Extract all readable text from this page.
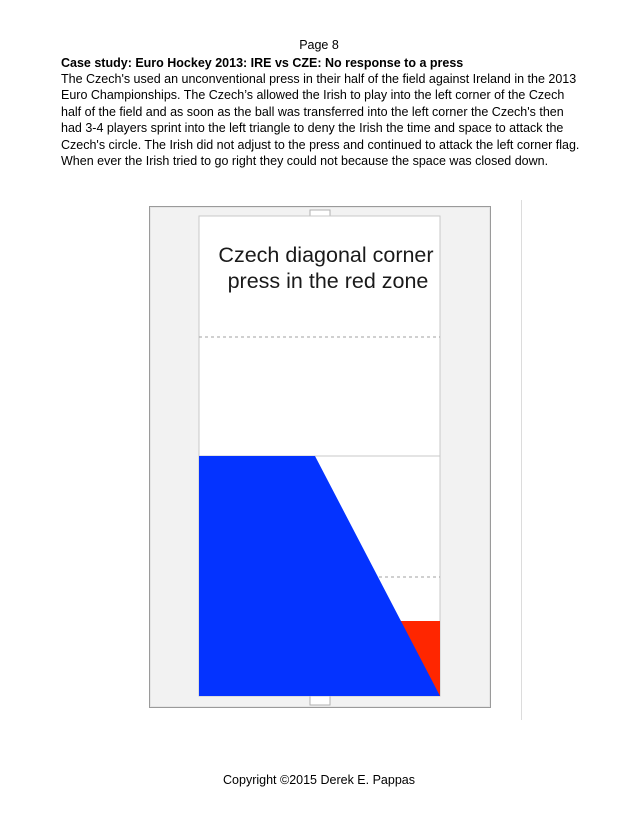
Page 8
Case study: Euro Hockey 2013: IRE vs CZE: No response to a press
The Czech's used an unconventional press in their half of the field against Ireland in the 2013
Euro Championships. The Czech’s allowed the Irish to play into the left corner of the Czech
half of the field and as soon as the ball was transferred into the left corner the Czech's then
had 3-4 players sprint into the left triangle to deny the Irish the time and space to attack the
Czech's circle. The Irish did not adjust to the press and continued to attack the left corner flag.
When ever the Irish tried to go right they could not because the space was closed down.
Czech diagonal corner
press in the red zone
Copyright ©2015 Derek E. Pappas
